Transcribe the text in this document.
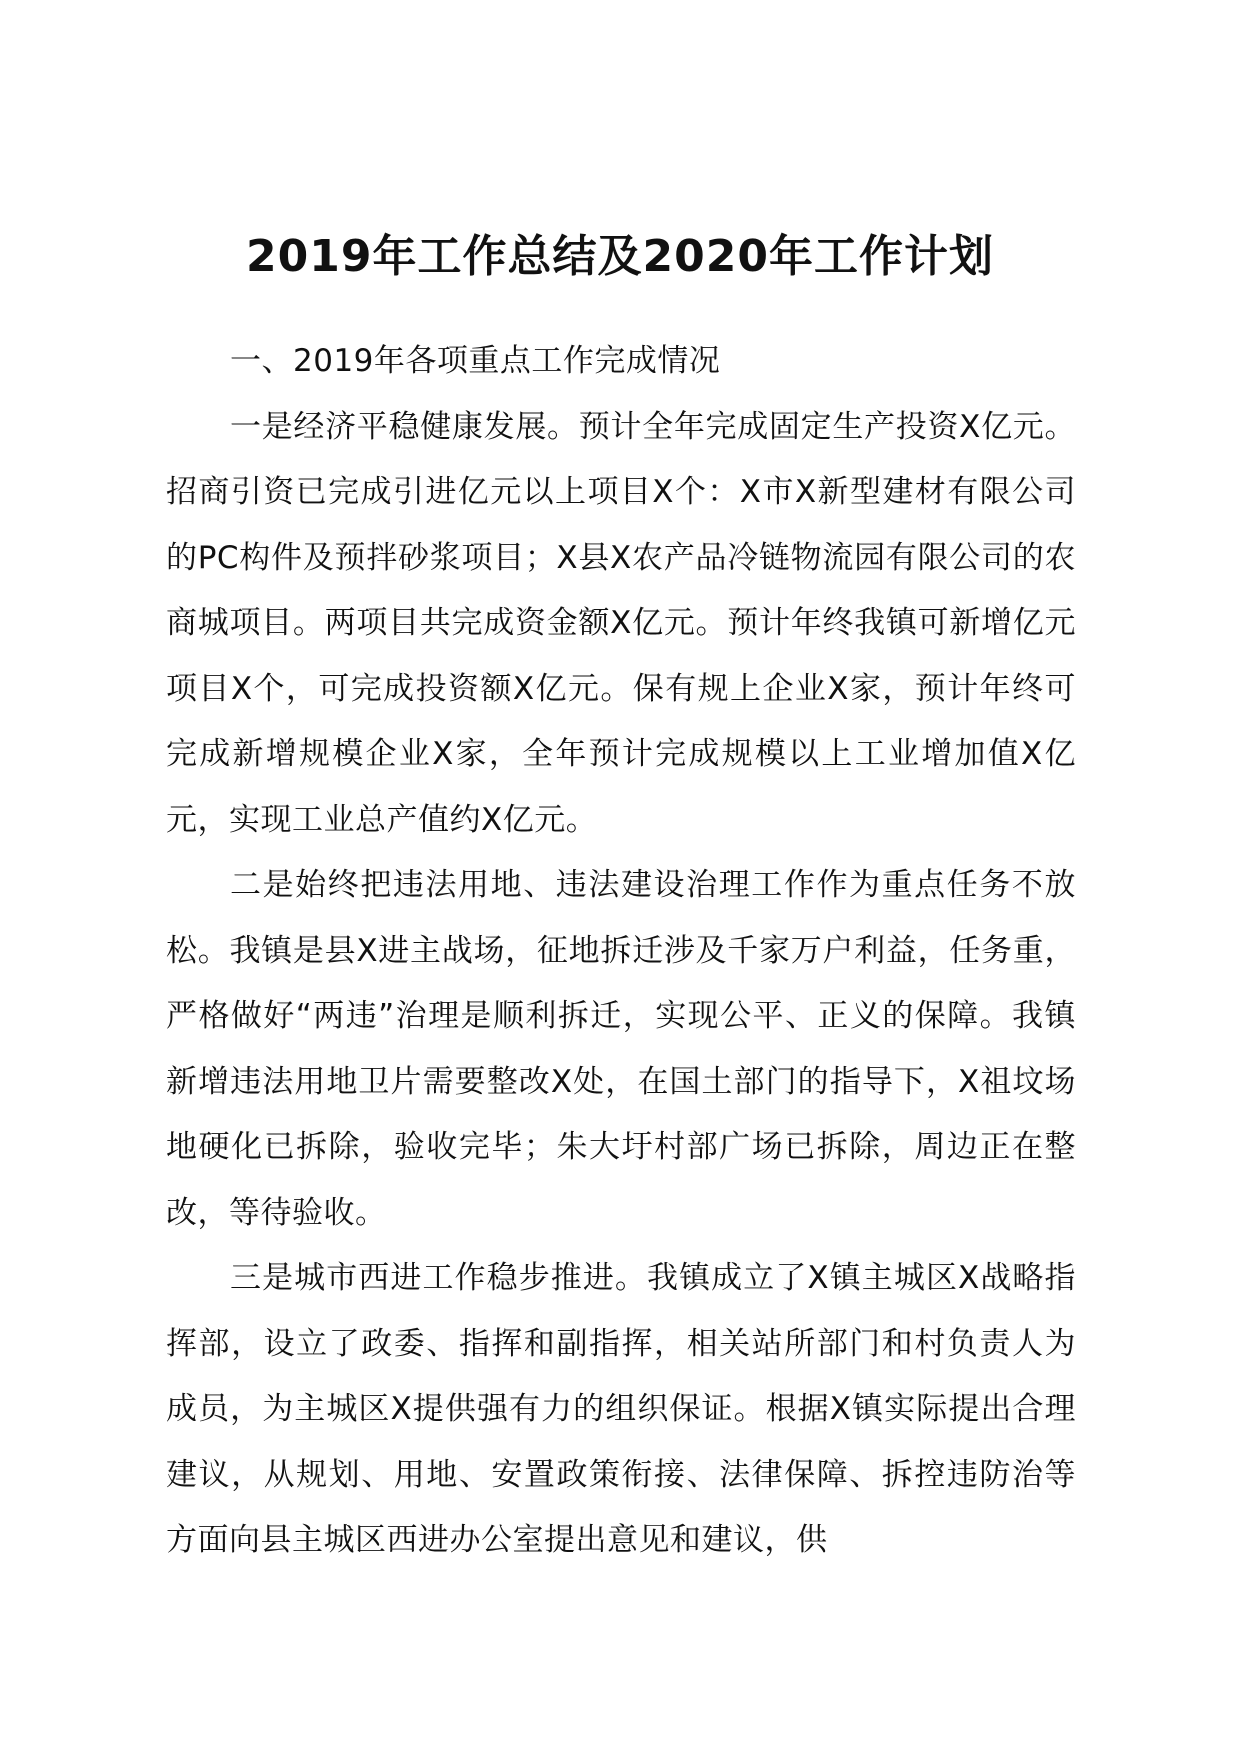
2019年工作总结及2020年工作计划

一、2019年各项重点工作完成情况

一是经济平稳健康发展。预计全年完成固定生产投资X亿元。招商引资已完成引进亿元以上项目X个：X市X新型建材有限公司的PC构件及预拌砂浆项目；X县X农产品冷链物流园有限公司的农商城项目。两项目共完成资金额X亿元。预计年终我镇可新增亿元项目X个，可完成投资额X亿元。保有规上企业X家，预计年终可完成新增规模企业X家，全年预计完成规模以上工业增加值X亿元，实现工业总产值约X亿元。

二是始终把违法用地、违法建设治理工作作为重点任务不放松。我镇是县X进主战场，征地拆迁涉及千家万户利益，任务重，严格做好“两违”治理是顺利拆迁，实现公平、正义的保障。我镇新增违法用地卫片需要整改X处，在国土部门的指导下，X祖坟场地硬化已拆除，验收完毕；朱大圩村部广场已拆除，周边正在整改，等待验收。

三是城市西进工作稳步推进。我镇成立了X镇主城区X战略指挥部，设立了政委、指挥和副指挥，相关站所部门和村负责人为成员，为主城区X提供强有力的组织保证。根据X镇实际提出合理建议，从规划、用地、安置政策衔接、法律保障、拆控违防治等方面向县主城区西进办公室提出意见和建议，供
